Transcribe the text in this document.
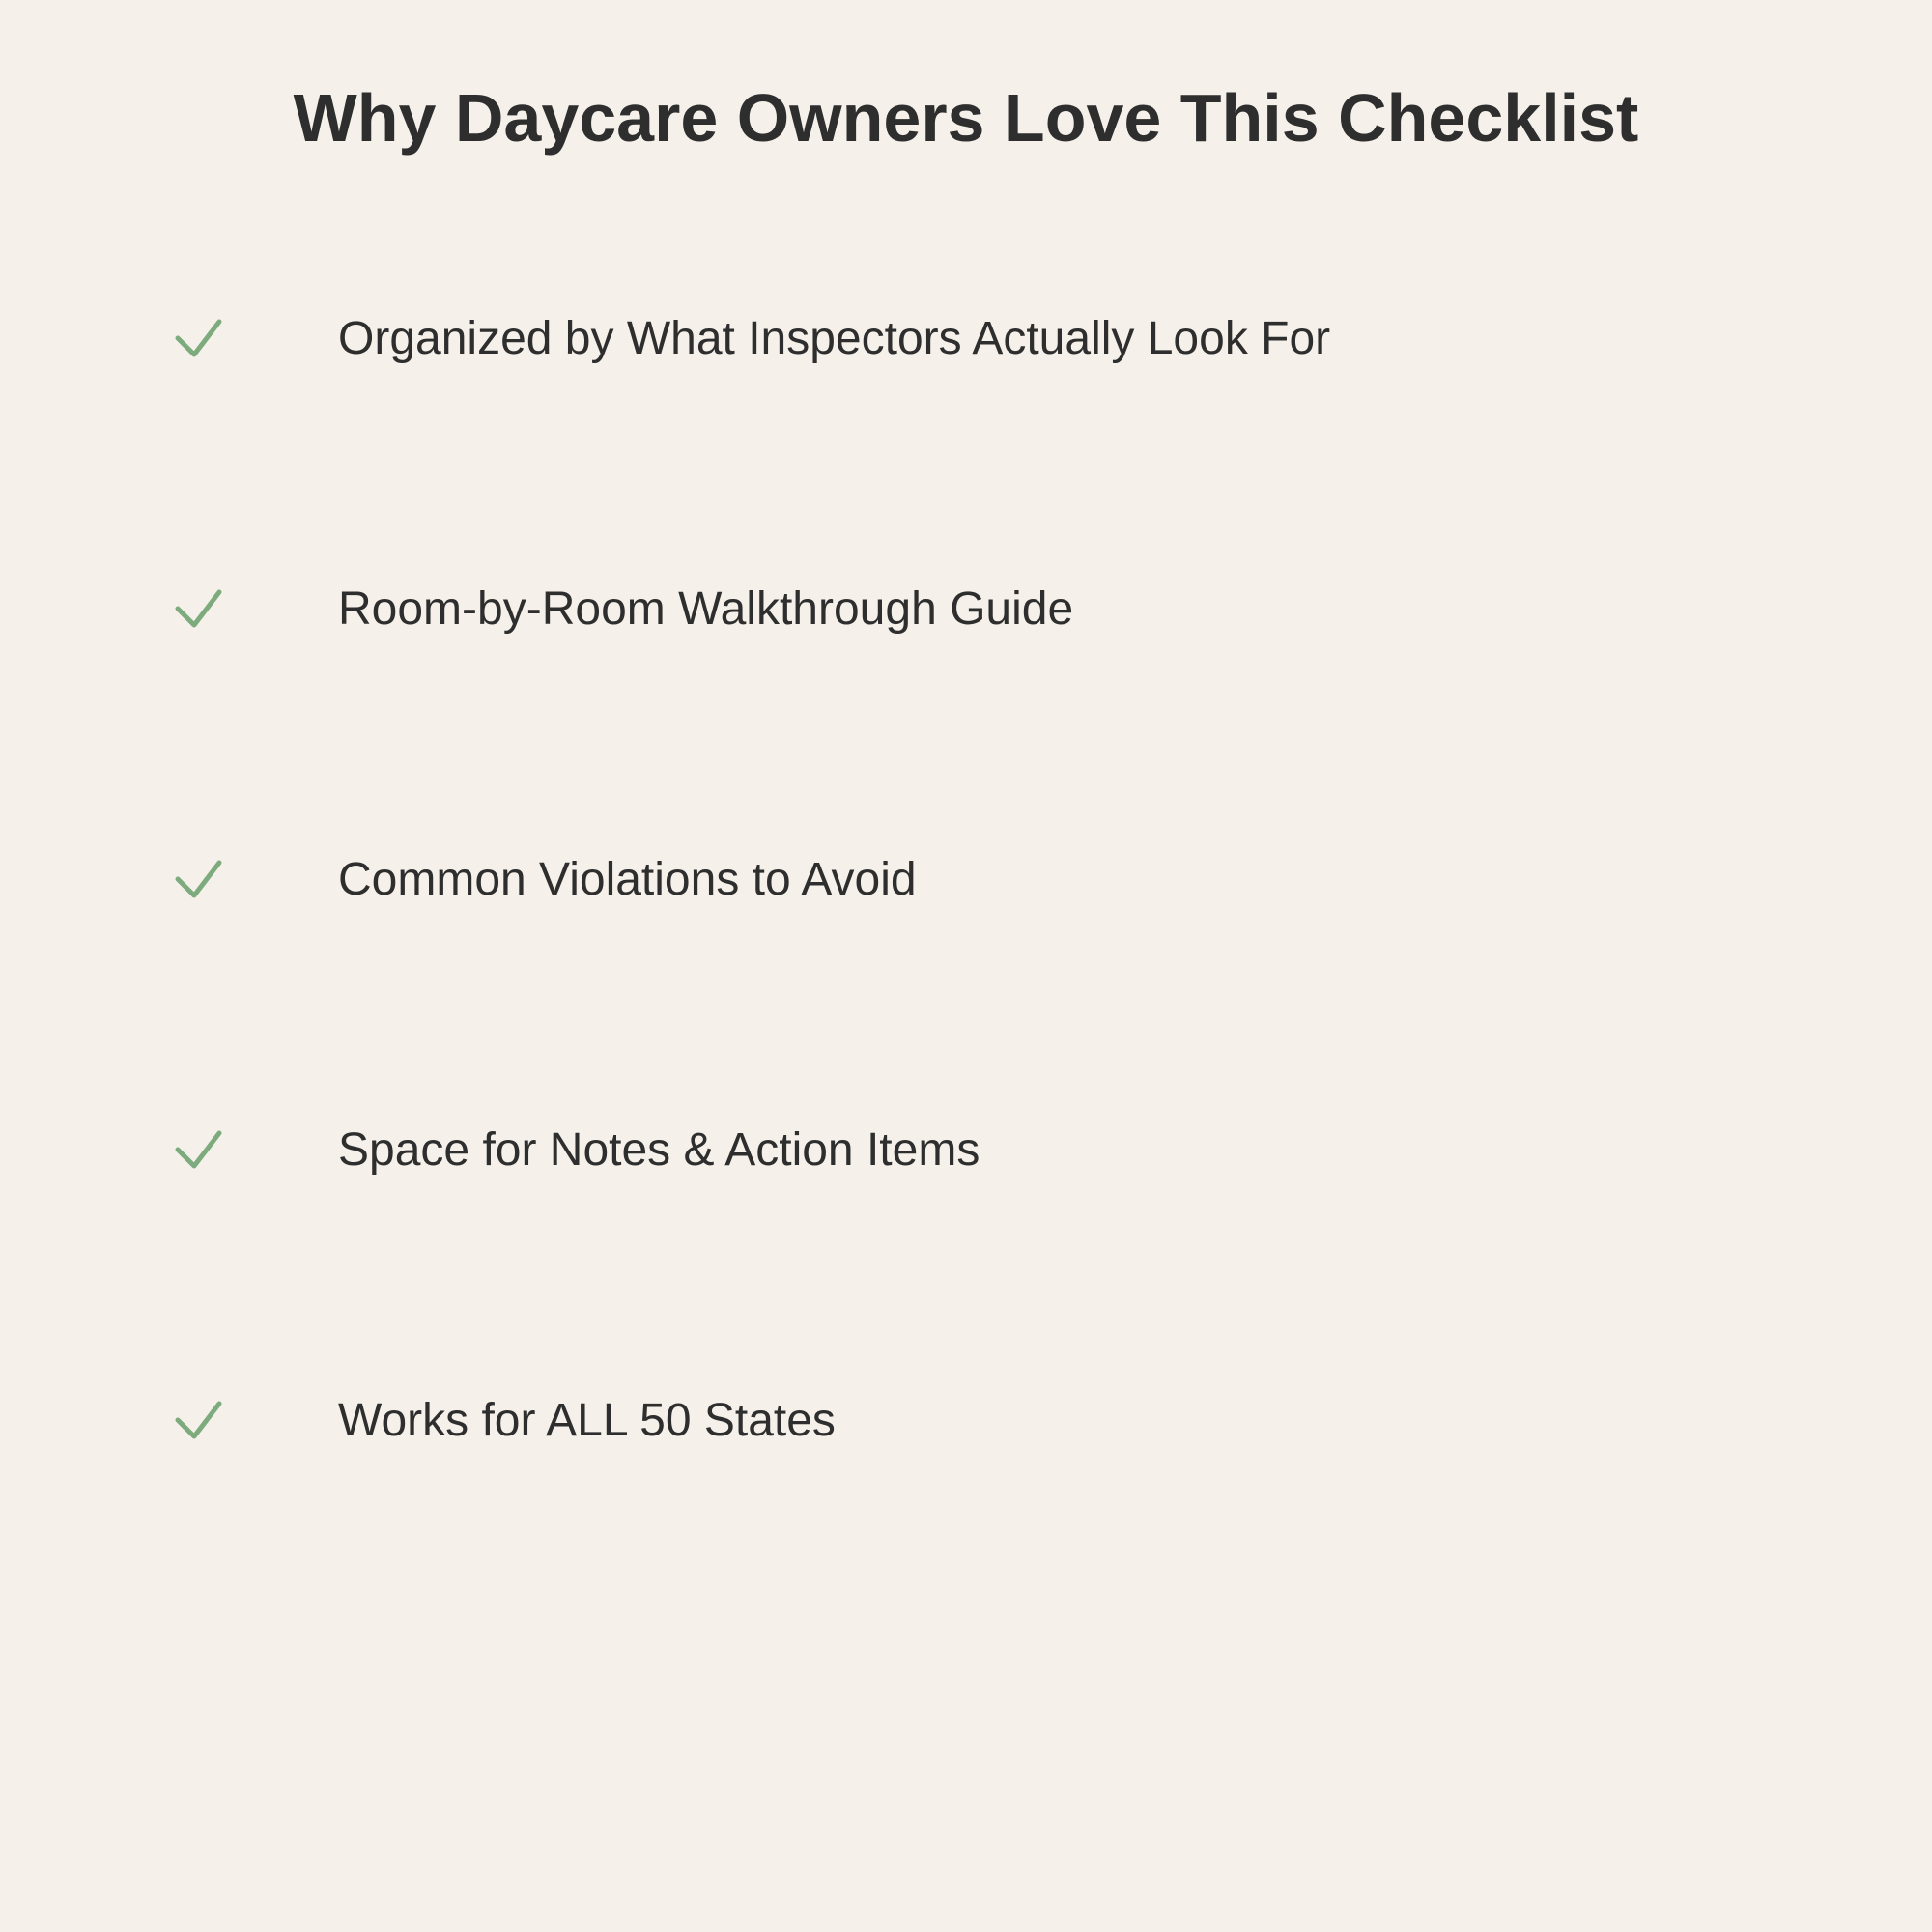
Why Daycare Owners Love This Checklist
Organized by What Inspectors Actually Look For
Room-by-Room Walkthrough Guide
Common Violations to Avoid
Space for Notes & Action Items
Works for ALL 50 States
